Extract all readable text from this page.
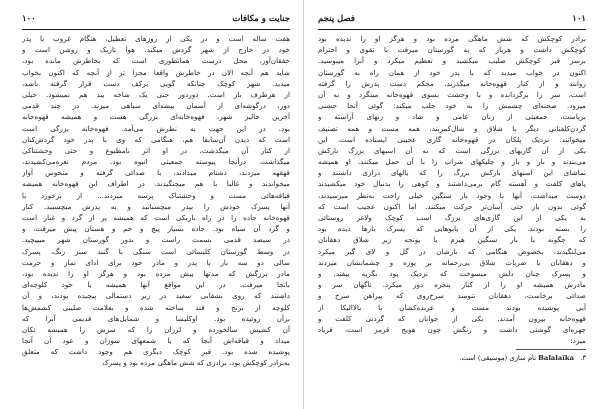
جنایت و مکافات
۱۰۰
هفت ساله است و در یکی از روزهای تعطیل، هنگام غروب با پدر
خود در خارج از شهر گردش میکند. هوا تاریک و روشن است و
خفقان‌آور، محل درست همانطوری است که بخاطرش مانده بود،
شاید هم آنچه الان در خاطرش واقعا مجزا تر از آنچه که اکنون بخواب
میدید. شهر کوچک چنانکه گویی برکف دست قرار گرفته باشد،
از هرطرف باز است. دوردور حتی یک شاخه بید هم نمیشود. خیلی
دور، درگوشه‌ای از آسمان بیشه‌ای سیاهی میزند. در چند قدمی
آخرین جالیز شهر، قهوه‌خانه‌ای بزرگی هست و همیشه قهوه‌خانه
بود. در این جهت به نظرش می‌آمد. قهوه‌خانه بزرگی است
است که دیدن آن‌سابقا هم، هنگامی که وی با پدر خود گردش‌کنان
از کنار آن میگذشت، در او اثر نامطبوع و حتی وحشتناکی
میگذاشت. درآنجا پیوسته جمعیتی انبوه بود. مردم نعره‌می‌کشیدند،
قهقهه میزدند، دشنام میدادند، با صدائی گرفته و منحوس آواز
میخواندند و غالبا با هم میجنگیدند. در اطراف این قهوه‌خانه همیشه
قیافه‌هائی مست و وحشتناک پرسه میزدند... از برخورد با
آنها پسرک خودش را بپدر میچسبانید و به پدرش میچسبید. کنار
قهوه‌خانه جاده را در راه باریکی است که همیشه پر از گرد و غبار است
و گرد آن سیاه بود. جاده بسیار پیچ و خم و هستان پیش میرفت، و
در سیصد قدمی بسمت راست و بدور گورستان شهر میپیچید.
در وسط گورستان کلیسائی است سنگی با گنبد سبز رنگ، پسرک
سالی دو سه بار با پدر و مادر خود برای ادای نماز و حرمت
مادر بزرگش که مدتها پیش مرده بود و هرگز او را ندیده بود،
بانجا میرفت. در این مواقع آنها همیشه با خود کلوچه‌ای
داشتند که روی بشقابی سفید در زیر دستمالی پیچیده بودند، و آن
کلوچه از برنج و قند ساخته شده و بعلامت صلیبی کشمش‌ها
برآن روئیده بود. اوکلیسا و شمایل‌های قدیمی آنرا که
آن کشیش سالخورده و لرزان را که سرش را همیشه تکان
میداد و قیافه‌اش آنجا که با شمعهای سوزان و عود آن آنجا
پوشیده شده بود. قبر کوچک دیگری هم وجود داشت که متعلق
به‌برادر کوچکش بود، برادری که شش ماهگی مرده بود و پسرک
۱۰۱
فصل پنجم
برادر کوچکش که شش ماهگی مرده بود و هرگز او را ندیده بود
کوچکش داشت و هربار که به گورستان میرفت با تقوی و احترام
برسر قبر کوچکش صلیب میکشید و تعظیم میکرد و آنرا میبوسید.
اکنون در خواب میدید که با پدر خود از همان راه به گورستان
روانند و از کنار قهوه‌خانه میگذرند. محکم دست پدرش را گرفته
است، سر را برگردانده و با وحشت بسوی قهوه‌خانه مینگرد و به آن
میرود. صحنه‌ای چشمش را به خود جلب میکند: گوئی آنجا جشنی
برپاست، جمعیتی از زنان عامی و شاد و زنهای آراسته و
گردن‌کلفتانی دیگر با شلاق و شال‌کمربند، همه مست و همه تصنیف
میخوانند. نزدیک پلکان در قهوه‌خانه گاری عجیبی ایستاده است. این
یکی از آن گاریهای بزرگی است که به آن اسبهای بزرگ بارکش
می‌بندند و بار و بار و چلیکهای شراب را با آن حمل میکنند. او همیشه
تماشای این اسبهای بارکش بزرگ را که یالهای درازی داشتند و
پاهای کلفت و آهسته گام برمی‌داشتند و کوهی را بدنبال خود میکشیدند
دوست میداشت. آنها با وجود بار سنگین خیلی راحت به‌نظر میرسیدند،
گوئی بدون بار حتی آسان‌تر حرکت میکنند. اما اکنون عجیب است که
به یکی از این گاری‌های بزرگ اسب کوچک ولاغر روستائی
را بسته بودند. یکی از آن یابوهایی که پسرک بارها دیده بود
که چگونه با بار سنگین هیزم یا یونجه زیر شلاق دهقانان
می‌لنگیدند، بخصوص هنگامی که بارشان در گل و لای گیر میکرد
و دهقانان با ضربات شلاق بی‌رحمانه بر پوزه و چشمانشان میزدند
و پسرک چنان دلش میسوخت که نزدیک بود بگریه بیفتد، و
مادرش همیشه او را از کنار پنجره دور میکرد. ناگهان سر و
صدائی برخاست، دهقانان تنومند سرخ‌روی که پیراهن سرخ و
آبی پوشیده بودند مست و عربده‌کشان با بالاالیکا از
قهوه‌خانه بیرون آمدند. یکی از جوانان که گردنی کلفت و
چهره‌ای گوشتی داشت و رنگش چون هویج قرمز است، فریاد
میزد:
۳. Balalaïka نام سازی (موسیقی) است.
